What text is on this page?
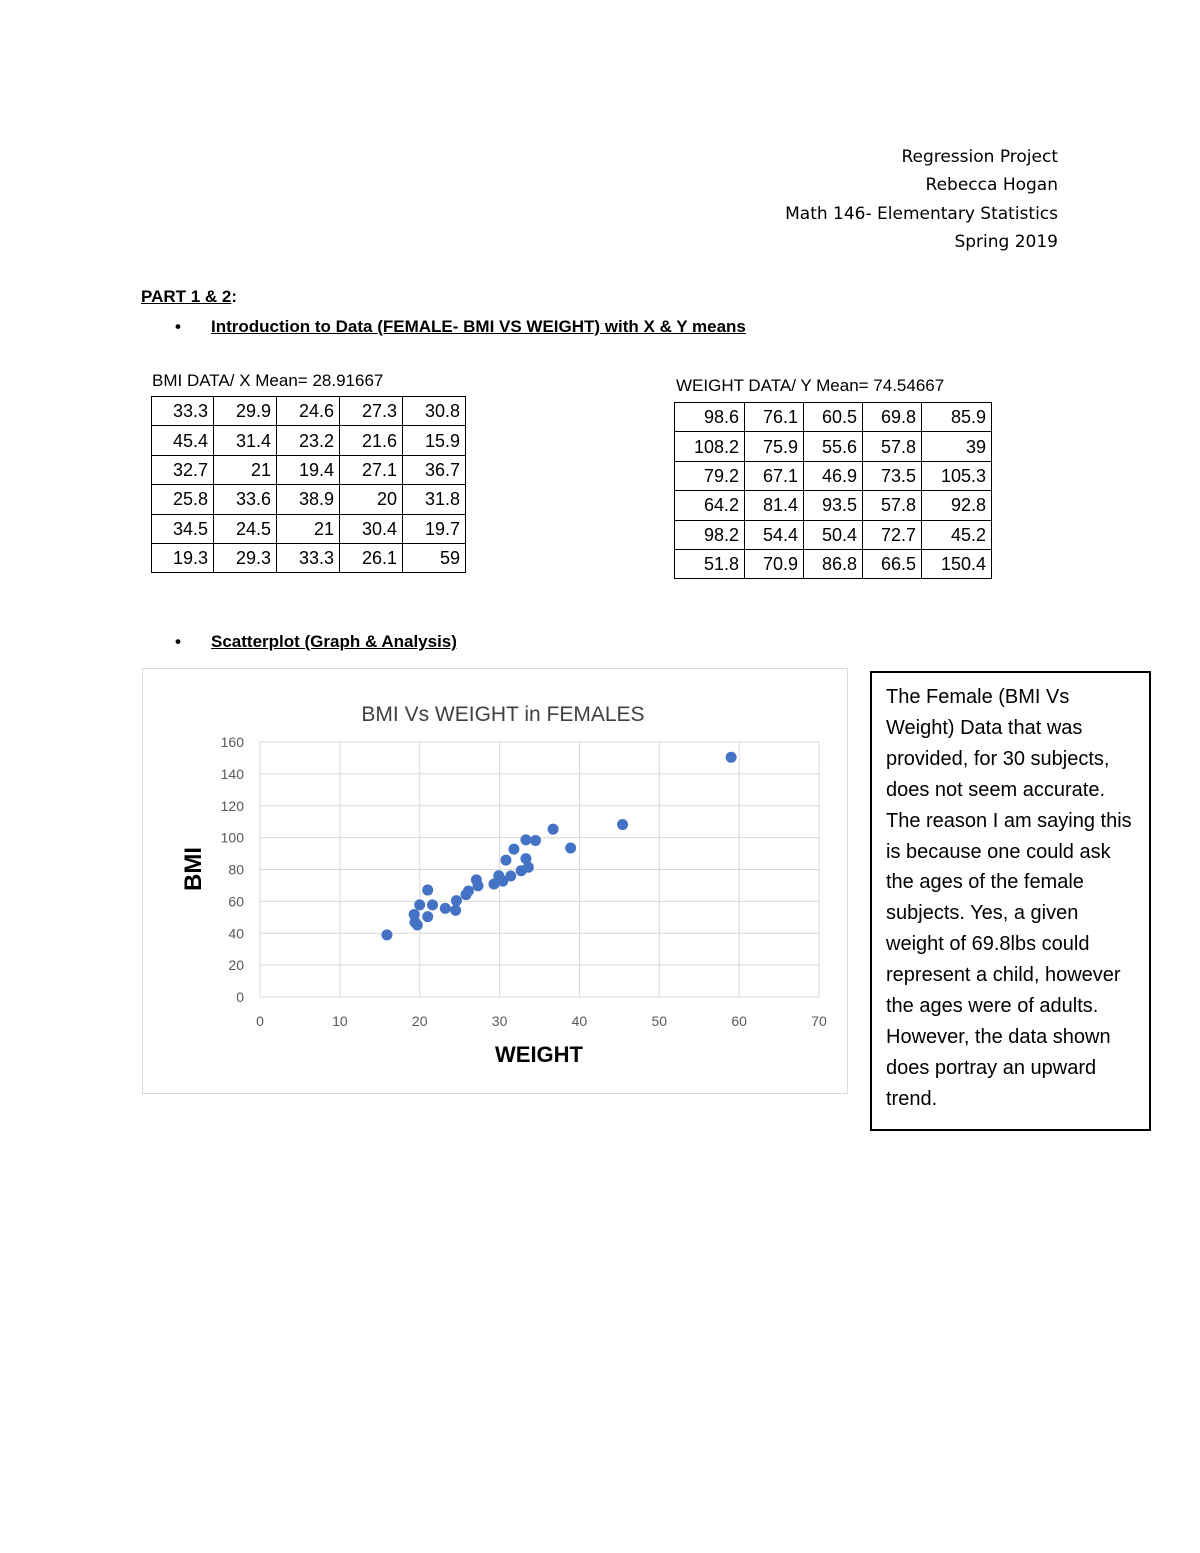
Regression Project
Rebecca Hogan
Math 146- Elementary Statistics
Spring 2019
PART 1 & 2:
• Introduction to Data (FEMALE- BMI VS WEIGHT) with X & Y means
BMI DATA/ X Mean= 28.91667
33.3	29.9	24.6	27.3	30.8
45.4	31.4	23.2	21.6	15.9
32.7	21	19.4	27.1	36.7
25.8	33.6	38.9	20	31.8
34.5	24.5	21	30.4	19.7
19.3	29.3	33.3	26.1	59
WEIGHT DATA/ Y Mean= 74.54667
98.6	76.1	60.5	69.8	85.9
108.2	75.9	55.6	57.8	39
79.2	67.1	46.9	73.5	105.3
64.2	81.4	93.5	57.8	92.8
98.2	54.4	50.4	72.7	45.2
51.8	70.9	86.8	66.5	150.4
• Scatterplot (Graph & Analysis)
0
20
40
60
80
100
120
140
160
0	10	20	30	40	50	60	70
BMI Vs WEIGHT in FEMALES
WEIGHT
BMI
The Female (BMI Vs Weight) Data that was provided, for 30 subjects, does not seem accurate. The reason I am saying this is because one could ask the ages of the female subjects. Yes, a given weight of 69.8lbs could represent a child, however the ages were of adults. However, the data shown does portray an upward trend.
